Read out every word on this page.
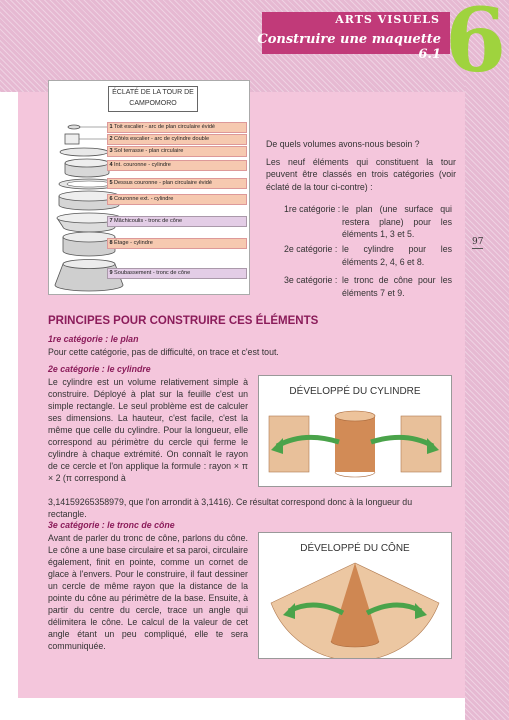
ARTS VISUELS
Construire une maquette 6.1 6
97
ÉCLATÉ DE LA TOUR DE CAMPOMORO
1Toit escalier - arc de plan circulaire évidé
2Côtés escalier - arc de cylindre double
3Sol terrasse - plan circulaire
4Int. couronne - cylindre
5Dessus couronne - plan circulaire évidé
6Couronne ext. - cylindre
7Mâchicoulis - tronc de cône
8Étage - cylindre
9Soubassement - tronc de cône

De quels volumes avons-nous besoin ?

Les neuf éléments qui constituent la tour peuvent être classés en trois catégories (voir éclaté de la tour ci-contre) :

1re catégorie : le plan (une surface qui restera plane) pour les éléments 1, 3 et 5.
2e catégorie : le cylindre pour les éléments 2, 4, 6 et 8.
3e catégorie : le tronc de cône pour les éléments 7 et 9.
PRINCIPES POUR CONSTRUIRE CES ÉLÉMENTS
1re catégorie : le plan
Pour cette catégorie, pas de difficulté, on trace et c'est tout.
2e catégorie : le cylindre
Le cylindre est un volume relativement simple à construire. Déployé à plat sur la feuille c'est un simple rectangle. Le seul problème est de calculer ses dimensions. La hauteur, c'est facile, c'est la même que celle du cylindre. Pour la longueur, elle correspond au périmètre du cercle qui ferme le cylindre à chaque extrémité. On connaît le rayon de ce cercle et l'on applique la formule : rayon × π × 2 (π correspond à
3,14159265358979, que l'on arrondit à 3,1416). Ce résultat correspond donc à la longueur du rectangle.
DÉVELOPPÉ DU CYLINDRE
3e catégorie : le tronc de cône
Avant de parler du tronc de cône, parlons du cône. Le cône a une base circulaire et sa paroi, circulaire également, finit en pointe, comme un cornet de glace à l'envers. Pour le construire, il faut dessiner un cercle de même rayon que la distance de la pointe du cône au périmètre de la base. Ensuite, à partir du centre du cercle, trace un angle qui délimitera le cône. Le calcul de la valeur de cet angle étant un peu compliqué, elle te sera communiquée.
DÉVELOPPÉ DU CÔNE
